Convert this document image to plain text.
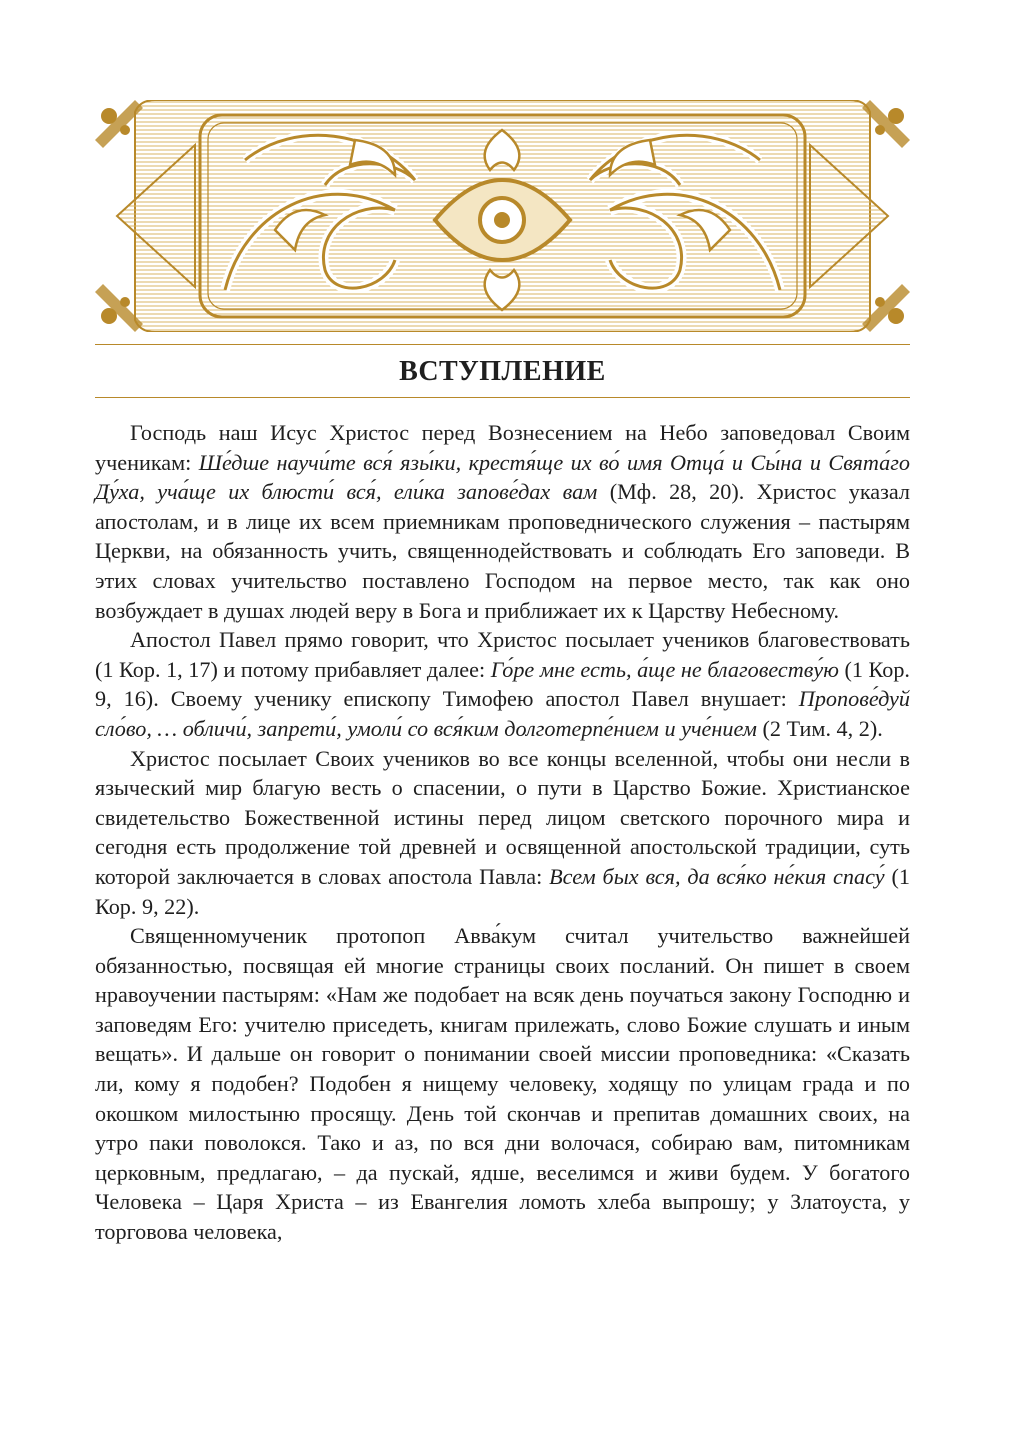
ВСТУПЛЕНИЕ

Господь наш Исус Христос перед Вознесением на Небо заповедовал Своим ученикам: Ше́дше научи́те вся́ язы́ки, крестя́ще их во́ имя Отца́ и Сы́на и Свята́го Ду́ха, уча́ще их блюсти́ вся́, ели́ка запове́дах вам (Мф. 28, 20). Христос указал апостолам, и в лице их всем приемникам проповеднического служения – пастырям Церкви, на обязанность учить, священнодействовать и соблюдать Его заповеди. В этих словах учительство поставлено Господом на первое место, так как оно возбуждает в душах людей веру в Бога и приближает их к Царству Небесному.

Апостол Павел прямо говорит, что Христос посылает учеников благовествовать (1 Кор. 1, 17) и потому прибавляет далее: Го́ре мне есть, а́ще не благовеству́ю (1 Кор. 9, 16). Своему ученику епископу Тимофею апостол Павел внушает: Пропове́дуй сло́во, … обличи́, запрети́, умоли́ со вся́ким долготерпе́нием и уче́нием (2 Тим. 4, 2).

Христос посылает Своих учеников во все концы вселенной, чтобы они несли в языческий мир благую весть о спасении, о пути в Царство Божие. Христианское свидетельство Божественной истины перед лицом светского порочного мира и сегодня есть продолжение той древней и освященной апостольской традиции, суть которой заключается в словах апостола Павла: Всем бых вся, да вся́ко не́кия спасу́ (1 Кор. 9, 22).

Священномученик протопоп Авва́кум считал учительство важнейшей обязанностью, посвящая ей многие страницы своих посланий. Он пишет в своем нравоучении пастырям: «Нам же подобает на всяк день поучаться закону Господню и заповедям Его: учителю приседеть, книгам прилежать, слово Божие слушать и иным вещать». И дальше он говорит о понимании своей миссии проповедника: «Сказать ли, кому я подобен? Подобен я нищему человеку, ходящу по улицам града и по окошком милостыню просящу. День той скончав и препитав домашних своих, на утро паки поволокся. Тако и аз, по вся дни волочася, собираю вам, питомникам церковным, предлагаю, – да пускай, ядше, веселимся и живи будем. У богатого Человека – Царя Христа – из Евангелия ломоть хлеба выпрошу; у Златоуста, у торговова человека,
